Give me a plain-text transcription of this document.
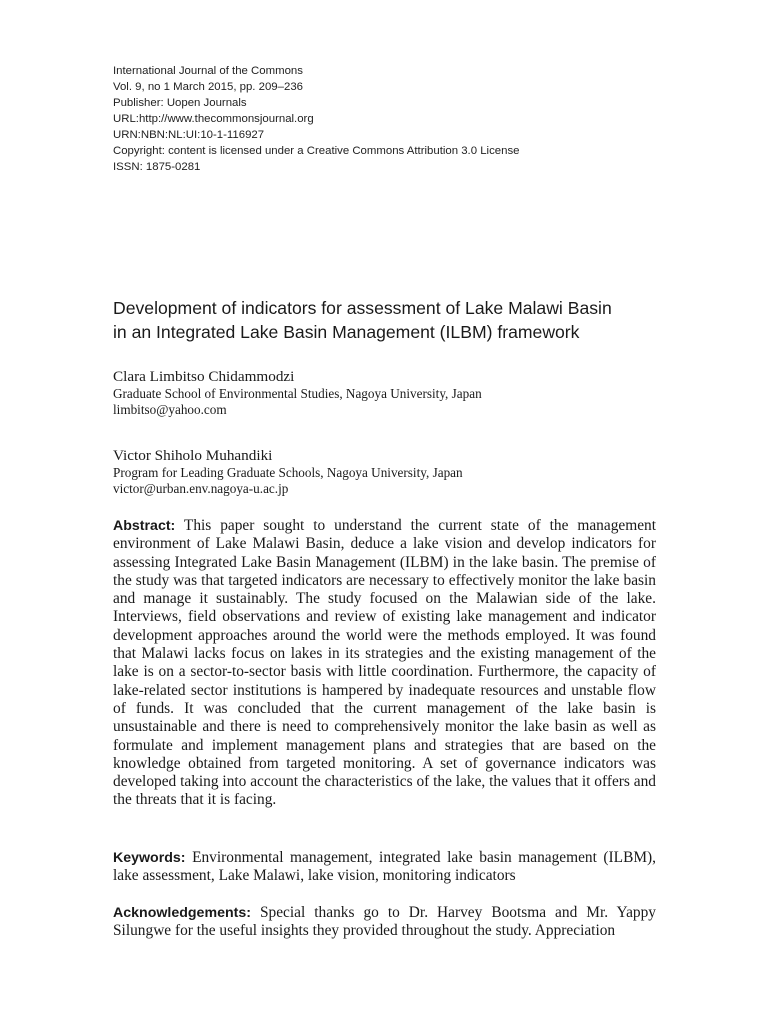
International Journal of the Commons
Vol. 9, no 1 March 2015, pp. 209–236
Publisher: Uopen Journals
URL:http://www.thecommonsjournal.org
URN:NBN:NL:UI:10-1-116927
Copyright: content is licensed under a Creative Commons Attribution 3.0 License
ISSN: 1875-0281
Development of indicators for assessment of Lake Malawi Basin
in an Integrated Lake Basin Management (ILBM) framework
Clara Limbitso Chidammodzi
Graduate School of Environmental Studies, Nagoya University, Japan
limbitso@yahoo.com
Victor Shiholo Muhandiki
Program for Leading Graduate Schools, Nagoya University, Japan
victor@urban.env.nagoya-u.ac.jp

Abstract: This paper sought to understand the current state of the management environment of Lake Malawi Basin, deduce a lake vision and develop indicators for assessing Integrated Lake Basin Management (ILBM) in the lake basin. The premise of the study was that targeted indicators are necessary to effectively monitor the lake basin and manage it sustainably. The study focused on the Malawian side of the lake. Interviews, field observations and review of existing lake management and indicator development approaches around the world were the methods employed. It was found that Malawi lacks focus on lakes in its strategies and the existing management of the lake is on a sector-to-sector basis with little coordination. Furthermore, the capacity of lake-related sector institutions is hampered by inadequate resources and unstable flow of funds. It was concluded that the current management of the lake basin is unsustainable and there is need to comprehensively monitor the lake basin as well as formulate and implement management plans and strategies that are based on the knowledge obtained from targeted monitoring. A set of governance indicators was developed taking into account the characteristics of the lake, the values that it offers and the threats that it is facing.

Keywords: Environmental management, integrated lake basin management (ILBM), lake assessment, Lake Malawi, lake vision, monitoring indicators

Acknowledgements: Special thanks go to Dr. Harvey Bootsma and Mr. Yappy Silungwe for the useful insights they provided throughout the study. Appreciation
